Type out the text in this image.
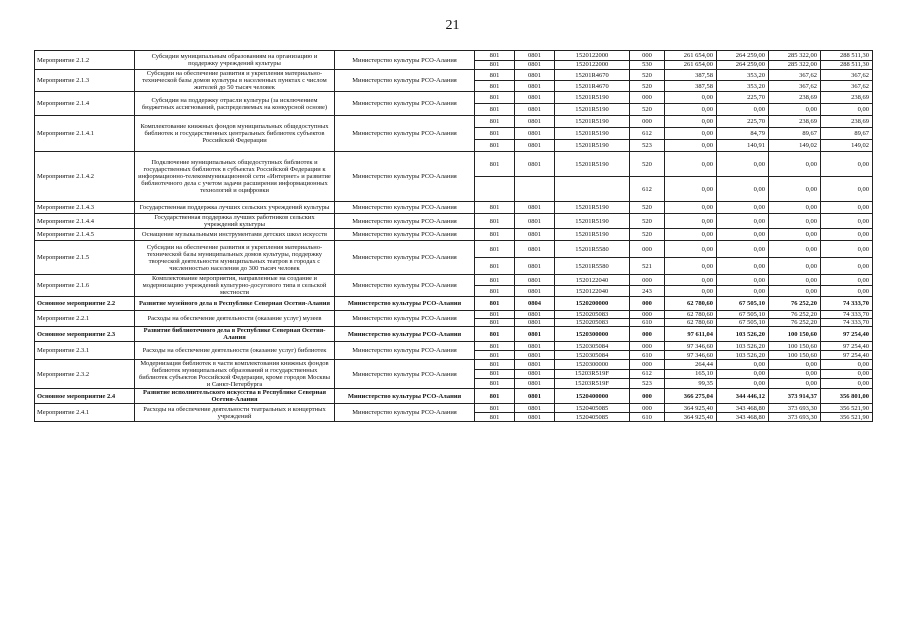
21
Мероприятие 2.1.2	Субсидии муниципальным образованиям на организацию и поддержку учреждений культуры	Министерство культуры РСО-Алания	801	0801	1520122000	000	261 654,00	264 259,00	285 322,00	288 511,30
			801	0801	1520122000	530	261 654,00	264 259,00	285 322,00	288 511,30
Мероприятие 2.1.3	Субсидии на обеспечение развития и укрепления материально-технической базы домов культуры в населенных пунктах с числом жителей до 50 тысяч человек	Министерство культуры РСО-Алания	801	0801	15201R4670	520	387,58	353,20	367,62	367,62
			801	0801	15201R4670	520	387,58	353,20	367,62	367,62
Мероприятие 2.1.4	Субсидии на поддержку отрасли культуры (за исключением бюджетных ассигнований, распределяемых на конкурсной основе)	Министерство культуры РСО-Алания	801	0801	15201R5190	000	0,00	225,70	238,69	238,69
			801	0801	15201R5190	520	0,00	0,00	0,00	0,00
Мероприятие 2.1.4.1	Комплектование книжных фондов муниципальных общедоступных библиотек и государственных центральных библиотек субъектов Российской Федерации	Министерство культуры РСО-Алания	801	0801	15201R5190	000	0,00	225,70	238,69	238,69
			801	0801	15201R5190	612	0,00	84,79	89,67	89,67
			801	0801	15201R5190	523	0,00	140,91	149,02	149,02
Мероприятие 2.1.4.2	Подключение муниципальных общедоступных библиотек и государственных библиотек в субъектах Российской Федерации к информационно-телекоммуникационной сети «Интернет» и развитие библиотечного дела с учетом задачи расширения информационных технологий и оцифровки	Министерство культуры РСО-Алания	801	0801	15201R5190	520	0,00	0,00	0,00	0,00
						612	0,00	0,00	0,00	0,00
Мероприятие 2.1.4.3	Государственная поддержка лучших сельских учреждений культуры	Министерство культуры РСО-Алания	801	0801	15201R5190	520	0,00	0,00	0,00	0,00
Мероприятие 2.1.4.4	Государственная поддержка лучших работников сельских учреждений культуры	Министерство культуры РСО-Алания	801	0801	15201R5190	520	0,00	0,00	0,00	0,00
Мероприятие 2.1.4.5	Оснащение музыкальными инструментами детских школ искусств	Министерство культуры РСО-Алания	801	0801	15201R5190	520	0,00	0,00	0,00	0,00
Мероприятие 2.1.5	Субсидии на обеспечение развития и укрепления материально-технической базы муниципальных домов культуры, поддержку творческой деятельности муниципальных театров в городах с численностью населения до 300 тысяч человек	Министерство культуры РСО-Алания	801	0801	15201R5580	000	0,00	0,00	0,00	0,00
			801	0801	15201R5580	521	0,00	0,00	0,00	0,00
Мероприятие 2.1.6	Комплектование мероприятия, направленные на создание и модернизацию учреждений культурно-досугового типа в сельской местности	Министерство культуры РСО-Алания	801	0801	1520122040	000	0,00	0,00	0,00	0,00
			801	0801	1520122040	243	0,00	0,00	0,00	0,00
Основное мероприятие 2.2	Развитие музейного дела в Республике Северная Осетия-Алания	Министерство культуры РСО-Алания	801	0804	1520200000	000	62 780,60	67 505,10	76 252,20	74 333,70
Мероприятие 2.2.1	Расходы на обеспечение деятельности (оказание услуг) музеев	Министерство культуры РСО-Алания	801	0801	1520205083	000	62 780,60	67 505,10	76 252,20	74 333,70
			801	0801	1520205083	610	62 780,60	67 505,10	76 252,20	74 333,70
Основное мероприятие 2.3	Развитие библиотечного дела в Республике Северная Осетия-Алания	Министерство культуры РСО-Алания	801	0801	1520300000	000	97 611,04	103 526,20	100 150,60	97 254,40
Мероприятие 2.3.1	Расходы на обеспечение деятельности (оказание услуг) библиотек	Министерство культуры РСО-Алания	801	0801	1520305084	000	97 346,60	103 526,20	100 150,60	97 254,40
			801	0801	1520305084	610	97 346,60	103 526,20	100 150,60	97 254,40
Мероприятие 2.3.2	Модернизация библиотек в части комплектования книжных фондов библиотек муниципальных образований и государственных библиотек субъектов Российской Федерации, кроме городов Москвы и Санкт-Петербурга	Министерство культуры РСО-Алания	801	0801	1520300000	000	264,44	0,00	0,00	0,00
			801	0801	15203R519F	612	165,10	0,00	0,00	0,00
			801	0801	15203R519F	523	99,35	0,00	0,00	0,00
Основное мероприятие 2.4	Развитие исполнительского искусства в Республике Северная Осетия-Алания	Министерство культуры РСО-Алания	801	0801	1520400000	000	366 275,04	344 446,12	373 914,37	356 801,00
Мероприятие 2.4.1	Расходы на обеспечение деятельности театральных и концертных учреждений	Министерство культуры РСО-Алания	801	0801	1520405085	000	364 925,40	343 468,80	373 693,30	356 521,90
			801	0801	1520405085	610	364 925,40	343 468,80	373 693,30	356 521,90
